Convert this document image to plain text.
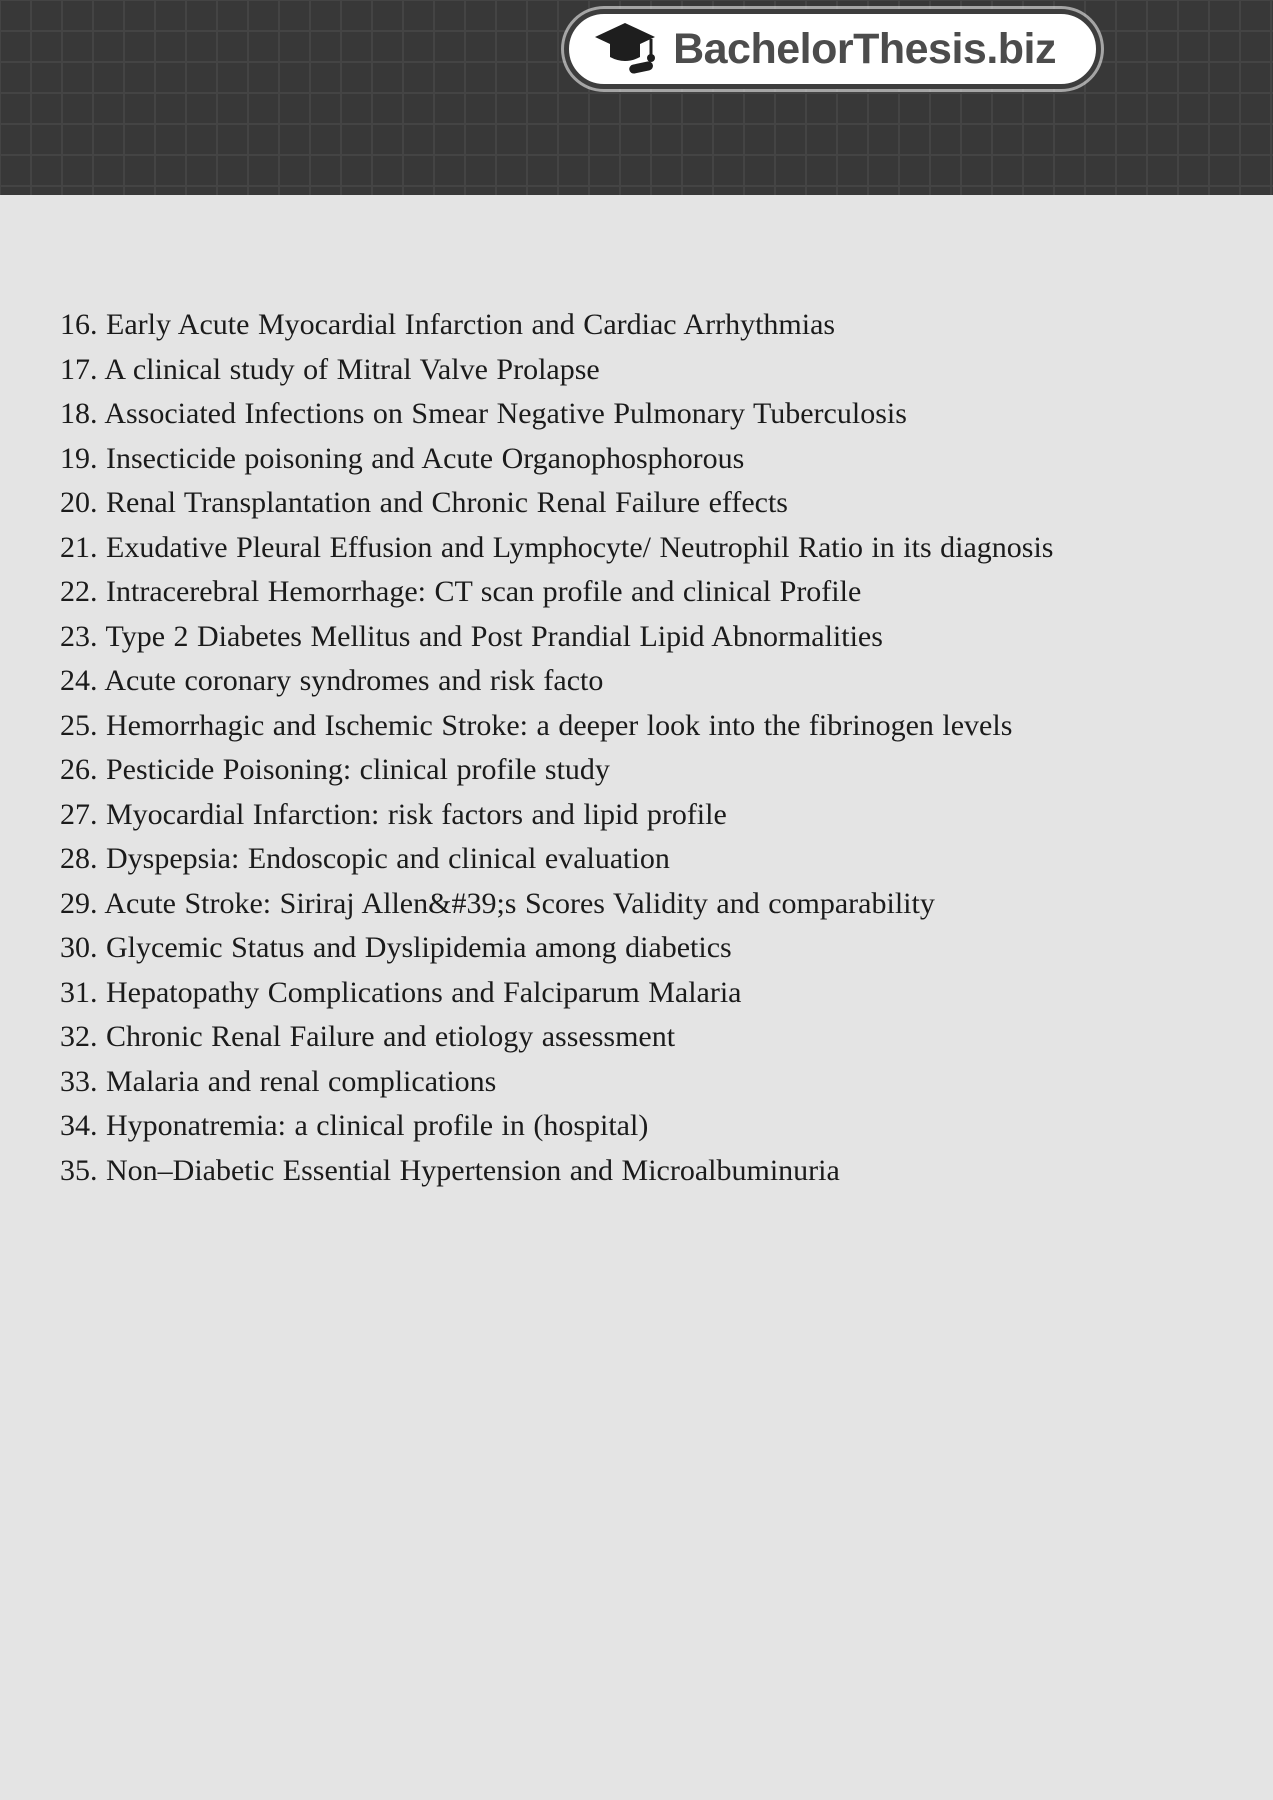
BachelorThesis.biz
16. Early Acute Myocardial Infarction and Cardiac Arrhythmias
17. A clinical study of Mitral Valve Prolapse
18. Associated Infections on Smear Negative Pulmonary Tuberculosis
19. Insecticide poisoning and Acute Organophosphorous
20. Renal Transplantation and Chronic Renal Failure effects
21. Exudative Pleural Effusion and Lymphocyte/ Neutrophil Ratio in its diagnosis
22. Intracerebral Hemorrhage: CT scan profile and clinical Profile
23. Type 2 Diabetes Mellitus and Post Prandial Lipid Abnormalities
24. Acute coronary syndromes and risk facto
25. Hemorrhagic and Ischemic Stroke: a deeper look into the fibrinogen levels
26. Pesticide Poisoning: clinical profile study
27. Myocardial Infarction: risk factors and lipid profile
28. Dyspepsia: Endoscopic and clinical evaluation
29. Acute Stroke: Siriraj Allen&#39;s Scores Validity and comparability
30. Glycemic Status and Dyslipidemia among diabetics
31. Hepatopathy Complications and Falciparum Malaria
32. Chronic Renal Failure and etiology assessment
33. Malaria and renal complications
34. Hyponatremia: a clinical profile in (hospital)
35. Non–Diabetic Essential Hypertension and Microalbuminuria
